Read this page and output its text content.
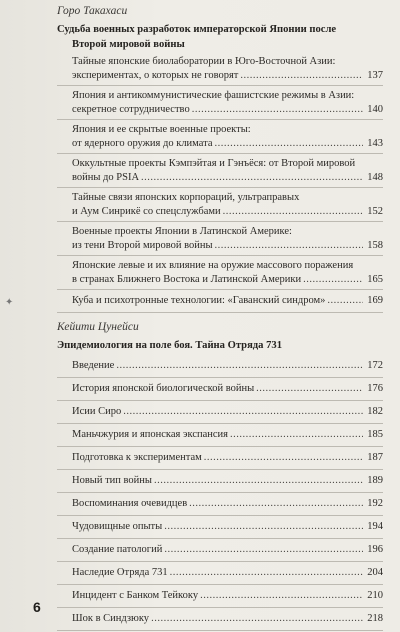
✦
Горо Такахаси
Судьба военных разработок императорской Японии после
Второй мировой войны
Тайные японские биолаборатории в Юго-Восточной Азии:
экспериментах, о которых не говорят .....	137
Япония и антикоммунистические фашистские режимы в Азии:
секретное сотрудничество .....	140
Япония и ее скрытые военные проекты:
от ядерного оружия до климата .....	143
Оккультные проекты Кэмпэйтая и Гэнъёся: от Второй мировой
войны до PSIA .....	148
Тайные связи японских корпораций, ультраправых
и Аум Синрикё со спецслужбами .....	152
Военные проекты Японии в Латинской Америке:
из тени Второй мировой войны .....	158
Японские левые и их влияние на оружие массового поражения
в странах Ближнего Востока и Латинской Америки .....	165
Куба и психотронные технологии: «Гаванский синдром» .....	169
Кейити Цунейси
Эпидемиология на поле боя. Тайна Отряда 731
Введение .....	172
История японской биологической войны .....	176
Исии Сиро .....	182
Маньчжурия и японская экспансия .....	185
Подготовка к экспериментам .....	187
Новый тип войны .....	189
Воспоминания очевидцев .....	192
Чудовищные опыты .....	194
Создание патологий .....	196
Наследие Отряда 731 .....	204
Инцидент с Банком Тейкоку .....	210
Шок в Синдзюку .....	218
6
